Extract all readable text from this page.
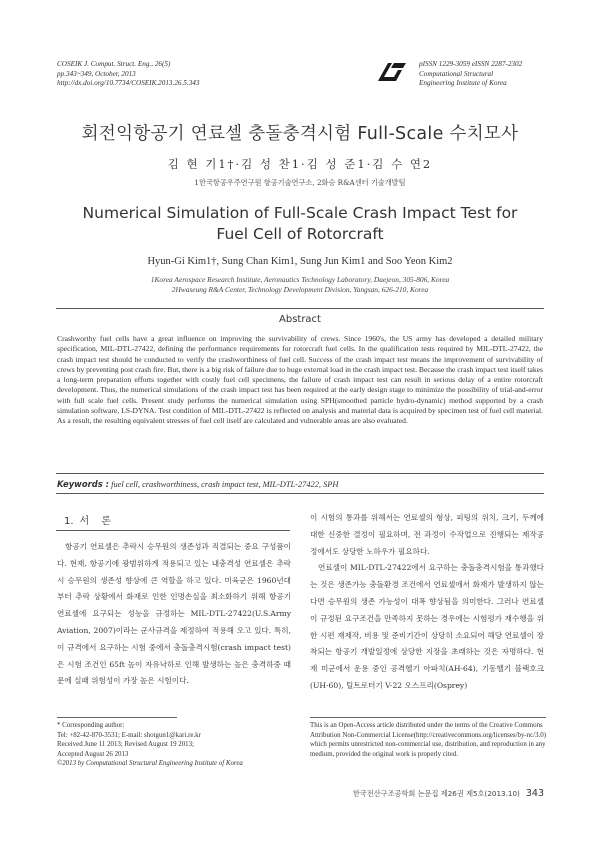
COSEIK J. Comput. Struct. Eng., 26(5)
pp.343~349, October, 2013
http://dx.doi.org/10.7734/COSEIK.2013.26.5.343
pISSN 1229-3059 eISSN 2287-2302
Computational Structural
Engineering Institute of Korea
회전익항공기 연료셀 충돌충격시험 Full-Scale 수치모사
김 현 기1†·김 성 찬1·김 성 준1·김 수 연2
1한국항공우주연구원 항공기술연구소, 2화승 R&A센터 기술개발팀
Numerical Simulation of Full-Scale Crash Impact Test for
Fuel Cell of Rotorcraft
Hyun-Gi Kim1†, Sung Chan Kim1, Sung Jun Kim1 and Soo Yeon Kim2
1Korea Aerospace Research Institute, Aeronautics Technology Laboratory, Daejeon, 305-806, Korea
2Hwaseung R&A Center, Technology Development Division, Yangsan, 626-210, Korea
Abstract

Crashworthy fuel cells have a great influence on improving the survivability of crews. Since 1960's, the US army has developed a detailed military specification, MIL-DTL-27422, defining the performance requirements for rotorcraft fuel cells. In the qualification tests required by MIL-DTL-27422, the crash impact test should be conducted to verify the crashworthiness of fuel cell. Success of the crash impact test means the improvement of survivability of crews by preventing post crash fire. But, there is a big risk of failure due to huge external load in the crash impact test. Because the crash impact test itself takes a long-term preparation efforts together with costly fuel cell specimens, the failure of crash impact test can result in serious delay of a entire rotorcraft development. Thus, the numerical simulations of the crash impact test has been required at the early design stage to minimize the possibility of trial-and-error with full scale fuel cells. Present study performs the numerical simulation using SPH(smoothed particle hydro-dynamic) method supported by a crash simulation software, LS-DYNA. Test condition of MIL-DTL-27422 is reflected on analysis and material data is acquired by specimen test of fuel cell material. As a result, the resulting equivalent stresses of fuel cell itself are calculated and vulnerable areas are also evaluated.

Keywords : fuel cell, crashworthiness, crash impact test, MIL-DTL-27422, SPH
1. 서론

항공기 연료셀은 추락시 승무원의 생존성과 직결되는 중요 구성품이다. 현재, 항공기에 광범위하게 적용되고 있는 내충격성 연료셀은 추락시 승무원의 생존성 향상에 큰 역할을 하고 있다. 미육군은 1960년대 부터 추락 상황에서 화재로 인한 인명손실을 최소화하기 위해 항공기 연료셀에 요구되는 성능을 규정하는 MIL-DTL-27422(U.S.Army Aviation, 2007)이라는 군사규격을 제정하여 적용해 오고 있다. 특히, 이 규격에서 요구하는 시험 중에서 충돌충격시험(crash impact test)은 시험 조건인 65ft 높이 자유낙하로 인해 발생하는 높은 충격하중 때문에 실패 위험성이 가장 높은 시험이다.

이 시험의 통과를 위해서는 연료셀의 형상, 피팅의 위치, 크기, 두께에 대한 신중한 결정이 필요하며, 전 과정이 수작업으로 진행되는 제작공정에서도 상당한 노하우가 필요하다.

연료셀이 MIL-DTL-27422에서 요구하는 충돌충격시험을 통과했다는 것은 생존가능 충돌환경 조건에서 연료셀에서 화재가 발생하지 않는다면 승무원의 생존 가능성이 대폭 향상됨을 의미한다. 그러나 연료셀이 규정된 요구조건을 만족하지 못하는 경우에는 시험평가 재수행을 위한 시편 재제작, 비용 및 준비기간이 상당히 소요되어 해당 연료셀이 장착되는 항공기 개발일정에 상당한 지장을 초래하는 것은 자명하다. 현재 미군에서 운용 중인 공격헬기 아파치(AH-64), 기동헬기 블랙호크(UH-60), 틸트로터기 V-22 오스프리(Osprey)

* Corresponding author:
Tel: +82-42-870-3531; E-mail: shotgun1@kari.re.kr
Received June 11 2013; Revised August 19 2013;
Accepted August 26 2013
©2013 by Computational Structural Engineering Institute of Korea
This is an Open-Access article distributed under the terms of the Creative Commons Attribution Non-Commercial License(http://creativecommons.org/licenses/by-nc/3.0) which permits unrestricted non-commercial use, distribution, and reproduction in any medium, provided the original work is properly cited.
한국전산구조공학회 논문집 제26권 제5호(2013.10) 343
